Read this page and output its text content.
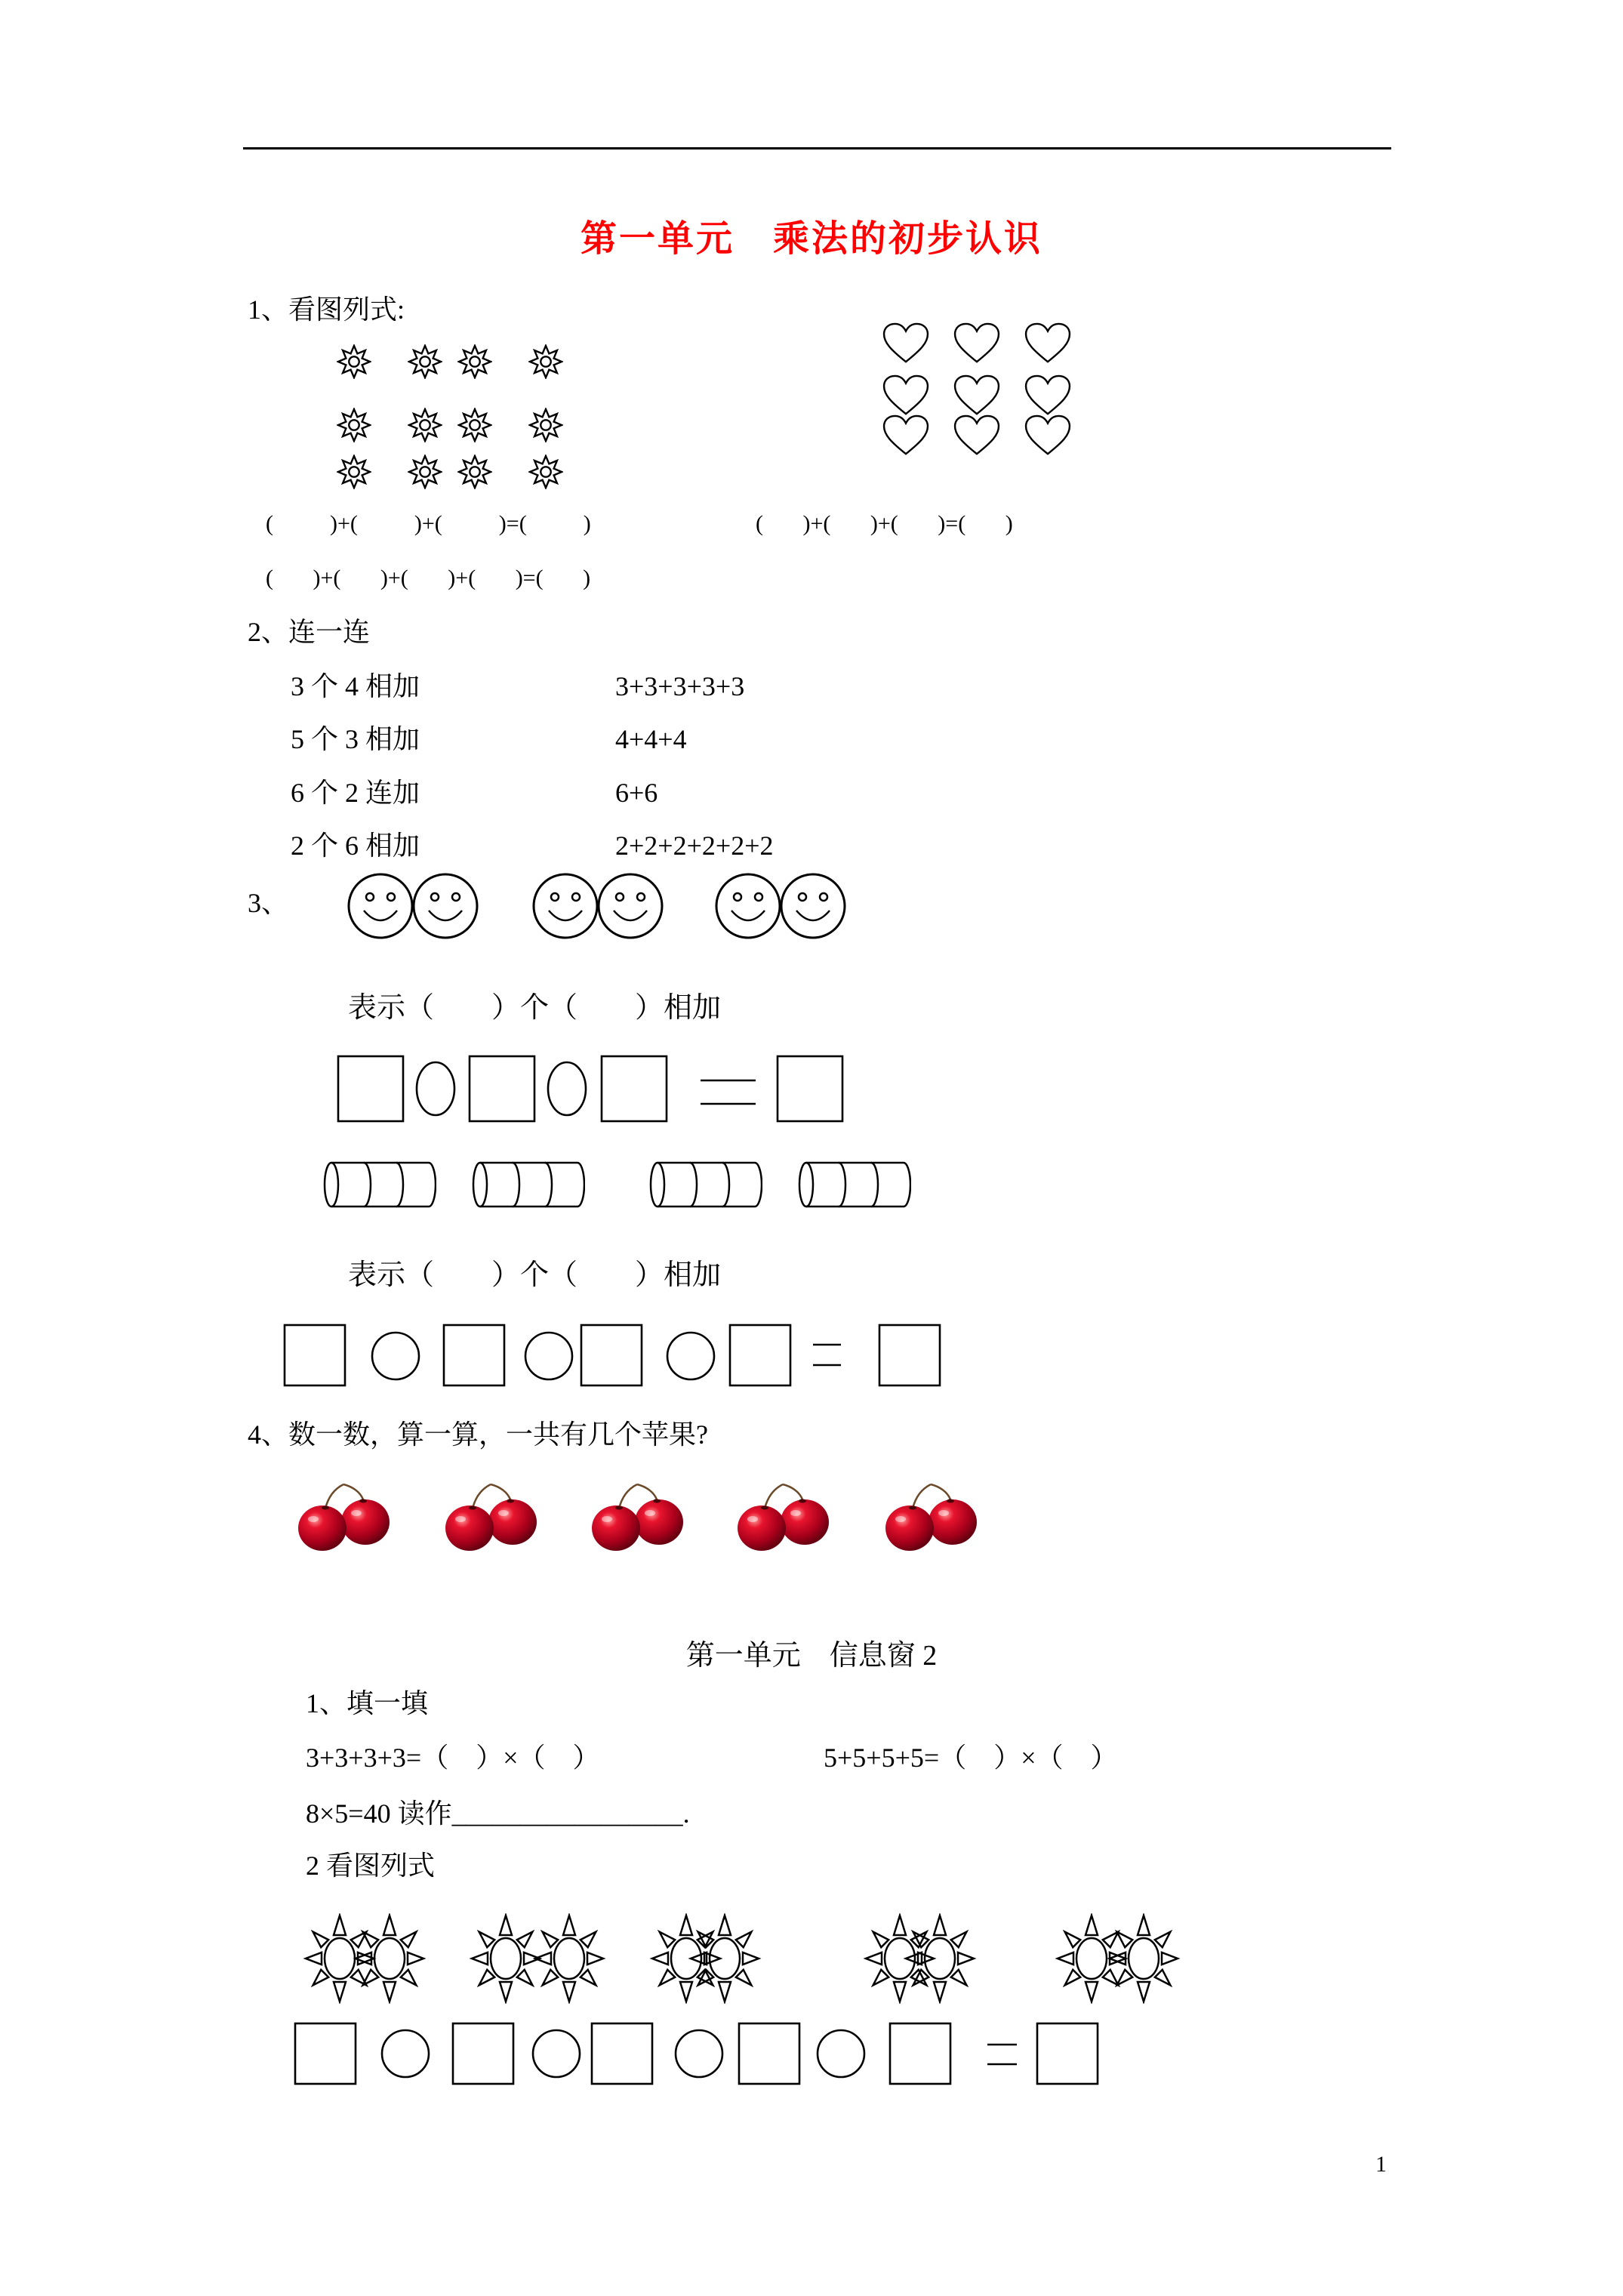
第一单元　乘法的初步认识
1、看图列式:
(          )+(          )+(          )=(          )	(       )+(       )+(       )=(       )
(       )+(       )+(       )+(       )=(       )
2、连一连
3 个 4 相加
5 个 3 相加
6 个 2 连加
2 个 6 相加
3+3+3+3+3
4+4+4
6+6
2+2+2+2+2+2
3、
表示（　　）个（　　）相加
表示（　　）个（　　）相加
4、数一数，算一算，一共有几个苹果?
第一单元　信息窗 2
1、填一填
3+3+3+3=（　）×（　）	5+5+5+5=（　）×（　）
8×5=40 读作_________________.
2 看图列式
1
